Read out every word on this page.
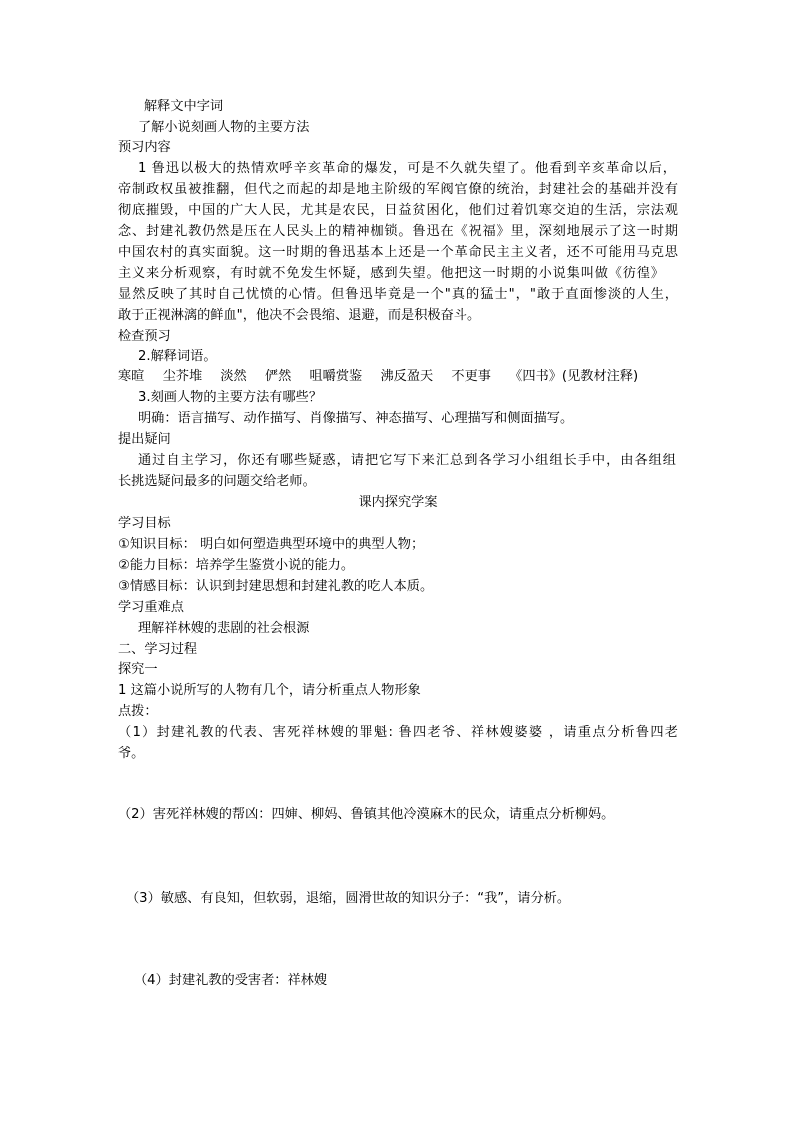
解释文中字词
了解小说刻画人物的主要方法
预习内容
1 鲁迅以极大的热情欢呼辛亥革命的爆发，可是不久就失望了。他看到辛亥革命以后，
帝制政权虽被推翻，但代之而起的却是地主阶级的军阀官僚的统治，封建社会的基础并没有
彻底摧毁，中国的广大人民，尤其是农民，日益贫困化，他们过着饥寒交迫的生活，宗法观
念、封建礼教仍然是压在人民头上的精神枷锁。鲁迅在《祝福》里，深刻地展示了这一时期
中国农村的真实面貌。这一时期的鲁迅基本上还是一个革命民主主义者，还不可能用马克思
主义来分析观察，有时就不免发生怀疑，感到失望。他把这一时期的小说集叫做《彷徨》
显然反映了其时自己忧愤的心情。但鲁迅毕竟是一个"真的猛士"，"敢于直面惨淡的人生，
敢于正视淋漓的鲜血"，他决不会畏缩、退避，而是积极奋斗。
检查预习
2.解释词语。
寒暄 尘芥堆 淡然 俨然 咀嚼赏鉴 沸反盈天 不更事 《四书》(见教材注释)
3.刻画人物的主要方法有哪些？
明确：语言描写、动作描写、肖像描写、神态描写、心理描写和侧面描写。
提出疑问
通过自主学习，你还有哪些疑惑，请把它写下来汇总到各学习小组组长手中，由各组组
长挑选疑问最多的问题交给老师。
课内探究学案
学习目标
①知识目标： 明白如何塑造典型环境中的典型人物；
②能力目标：培养学生鉴赏小说的能力。
③情感目标：认识到封建思想和封建礼教的吃人本质。
学习重难点
理解祥林嫂的悲剧的社会根源
二、学习过程
探究一
1 这篇小说所写的人物有几个，请分析重点人物形象
点拨：
（1）封建礼教的代表、害死祥林嫂的罪魁: 鲁四老爷、祥林嫂婆婆 ，请重点分析鲁四老
爷。
（2）害死祥林嫂的帮凶：四婶、柳妈、鲁镇其他冷漠麻木的民众，请重点分析柳妈。
（3）敏感、有良知，但软弱，退缩，圆滑世故的知识分子：“我”，请分析。
（4）封建礼教的受害者：祥林嫂
